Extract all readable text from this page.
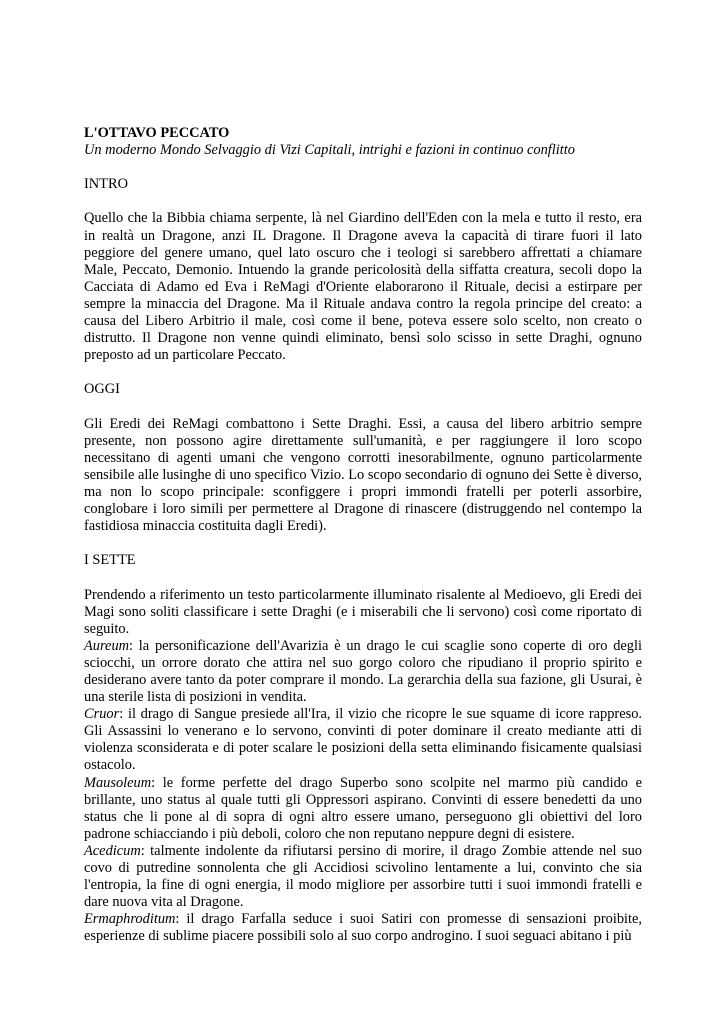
L'OTTAVO PECCATO

Un moderno Mondo Selvaggio di Vizi Capitali, intrighi e fazioni in continuo conflitto

INTRO

Quello che la Bibbia chiama serpente, là nel Giardino dell'Eden con la mela e tutto il resto, era in realtà un Dragone, anzi IL Dragone. Il Dragone aveva la capacità di tirare fuori il lato peggiore del genere umano, quel lato oscuro che i teologi si sarebbero affrettati a chiamare Male, Peccato, Demonio. Intuendo la grande pericolosità della siffatta creatura, secoli dopo la Cacciata di Adamo ed Eva i ReMagi d'Oriente elaborarono il Rituale, decisi a estirpare per sempre la minaccia del Dragone. Ma il Rituale andava contro la regola principe del creato: a causa del Libero Arbitrio il male, così come il bene, poteva essere solo scelto, non creato o distrutto. Il Dragone non venne quindi eliminato, bensì solo scisso in sette Draghi, ognuno preposto ad un particolare Peccato.

OGGI

Gli Eredi dei ReMagi combattono i Sette Draghi. Essi, a causa del libero arbitrio sempre presente, non possono agire direttamente sull'umanità, e per raggiungere il loro scopo necessitano di agenti umani che vengono corrotti inesorabilmente, ognuno particolarmente sensibile alle lusinghe di uno specifico Vizio. Lo scopo secondario di ognuno dei Sette è diverso, ma non lo scopo principale: sconfiggere i propri immondi fratelli per poterli assorbire, conglobare i loro simili per permettere al Dragone di rinascere (distruggendo nel contempo la fastidiosa minaccia costituita dagli Eredi).

I SETTE

Prendendo a riferimento un testo particolarmente illuminato risalente al Medioevo, gli Eredi dei Magi sono soliti classificare i sette Draghi (e i miserabili che li servono) così come riportato di seguito.

Aureum: la personificazione dell'Avarizia è un drago le cui scaglie sono coperte di oro degli sciocchi, un orrore dorato che attira nel suo gorgo coloro che ripudiano il proprio spirito e desiderano avere tanto da poter comprare il mondo. La gerarchia della sua fazione, gli Usurai, è una sterile lista di posizioni in vendita.

Cruor: il drago di Sangue presiede all'Ira, il vizio che ricopre le sue squame di icore rappreso. Gli Assassini lo venerano e lo servono, convinti di poter dominare il creato mediante atti di violenza sconsiderata e di poter scalare le posizioni della setta eliminando fisicamente qualsiasi ostacolo.

Mausoleum: le forme perfette del drago Superbo sono scolpite nel marmo più candido e brillante, uno status al quale tutti gli Oppressori aspirano. Convinti di essere benedetti da uno status che li pone al di sopra di ogni altro essere umano, perseguono gli obiettivi del loro padrone schiacciando i più deboli, coloro che non reputano neppure degni di esistere.

Acedicum: talmente indolente da rifiutarsi persino di morire, il drago Zombie attende nel suo covo di putredine sonnolenta che gli Accidiosi scivolino lentamente a lui, convinto che sia l'entropia, la fine di ogni energia, il modo migliore per assorbire tutti i suoi immondi fratelli e dare nuova vita al Dragone.

Ermaphroditum: il drago Farfalla seduce i suoi Satiri con promesse di sensazioni proibite, esperienze di sublime piacere possibili solo al suo corpo androgino. I suoi seguaci abitano i più
